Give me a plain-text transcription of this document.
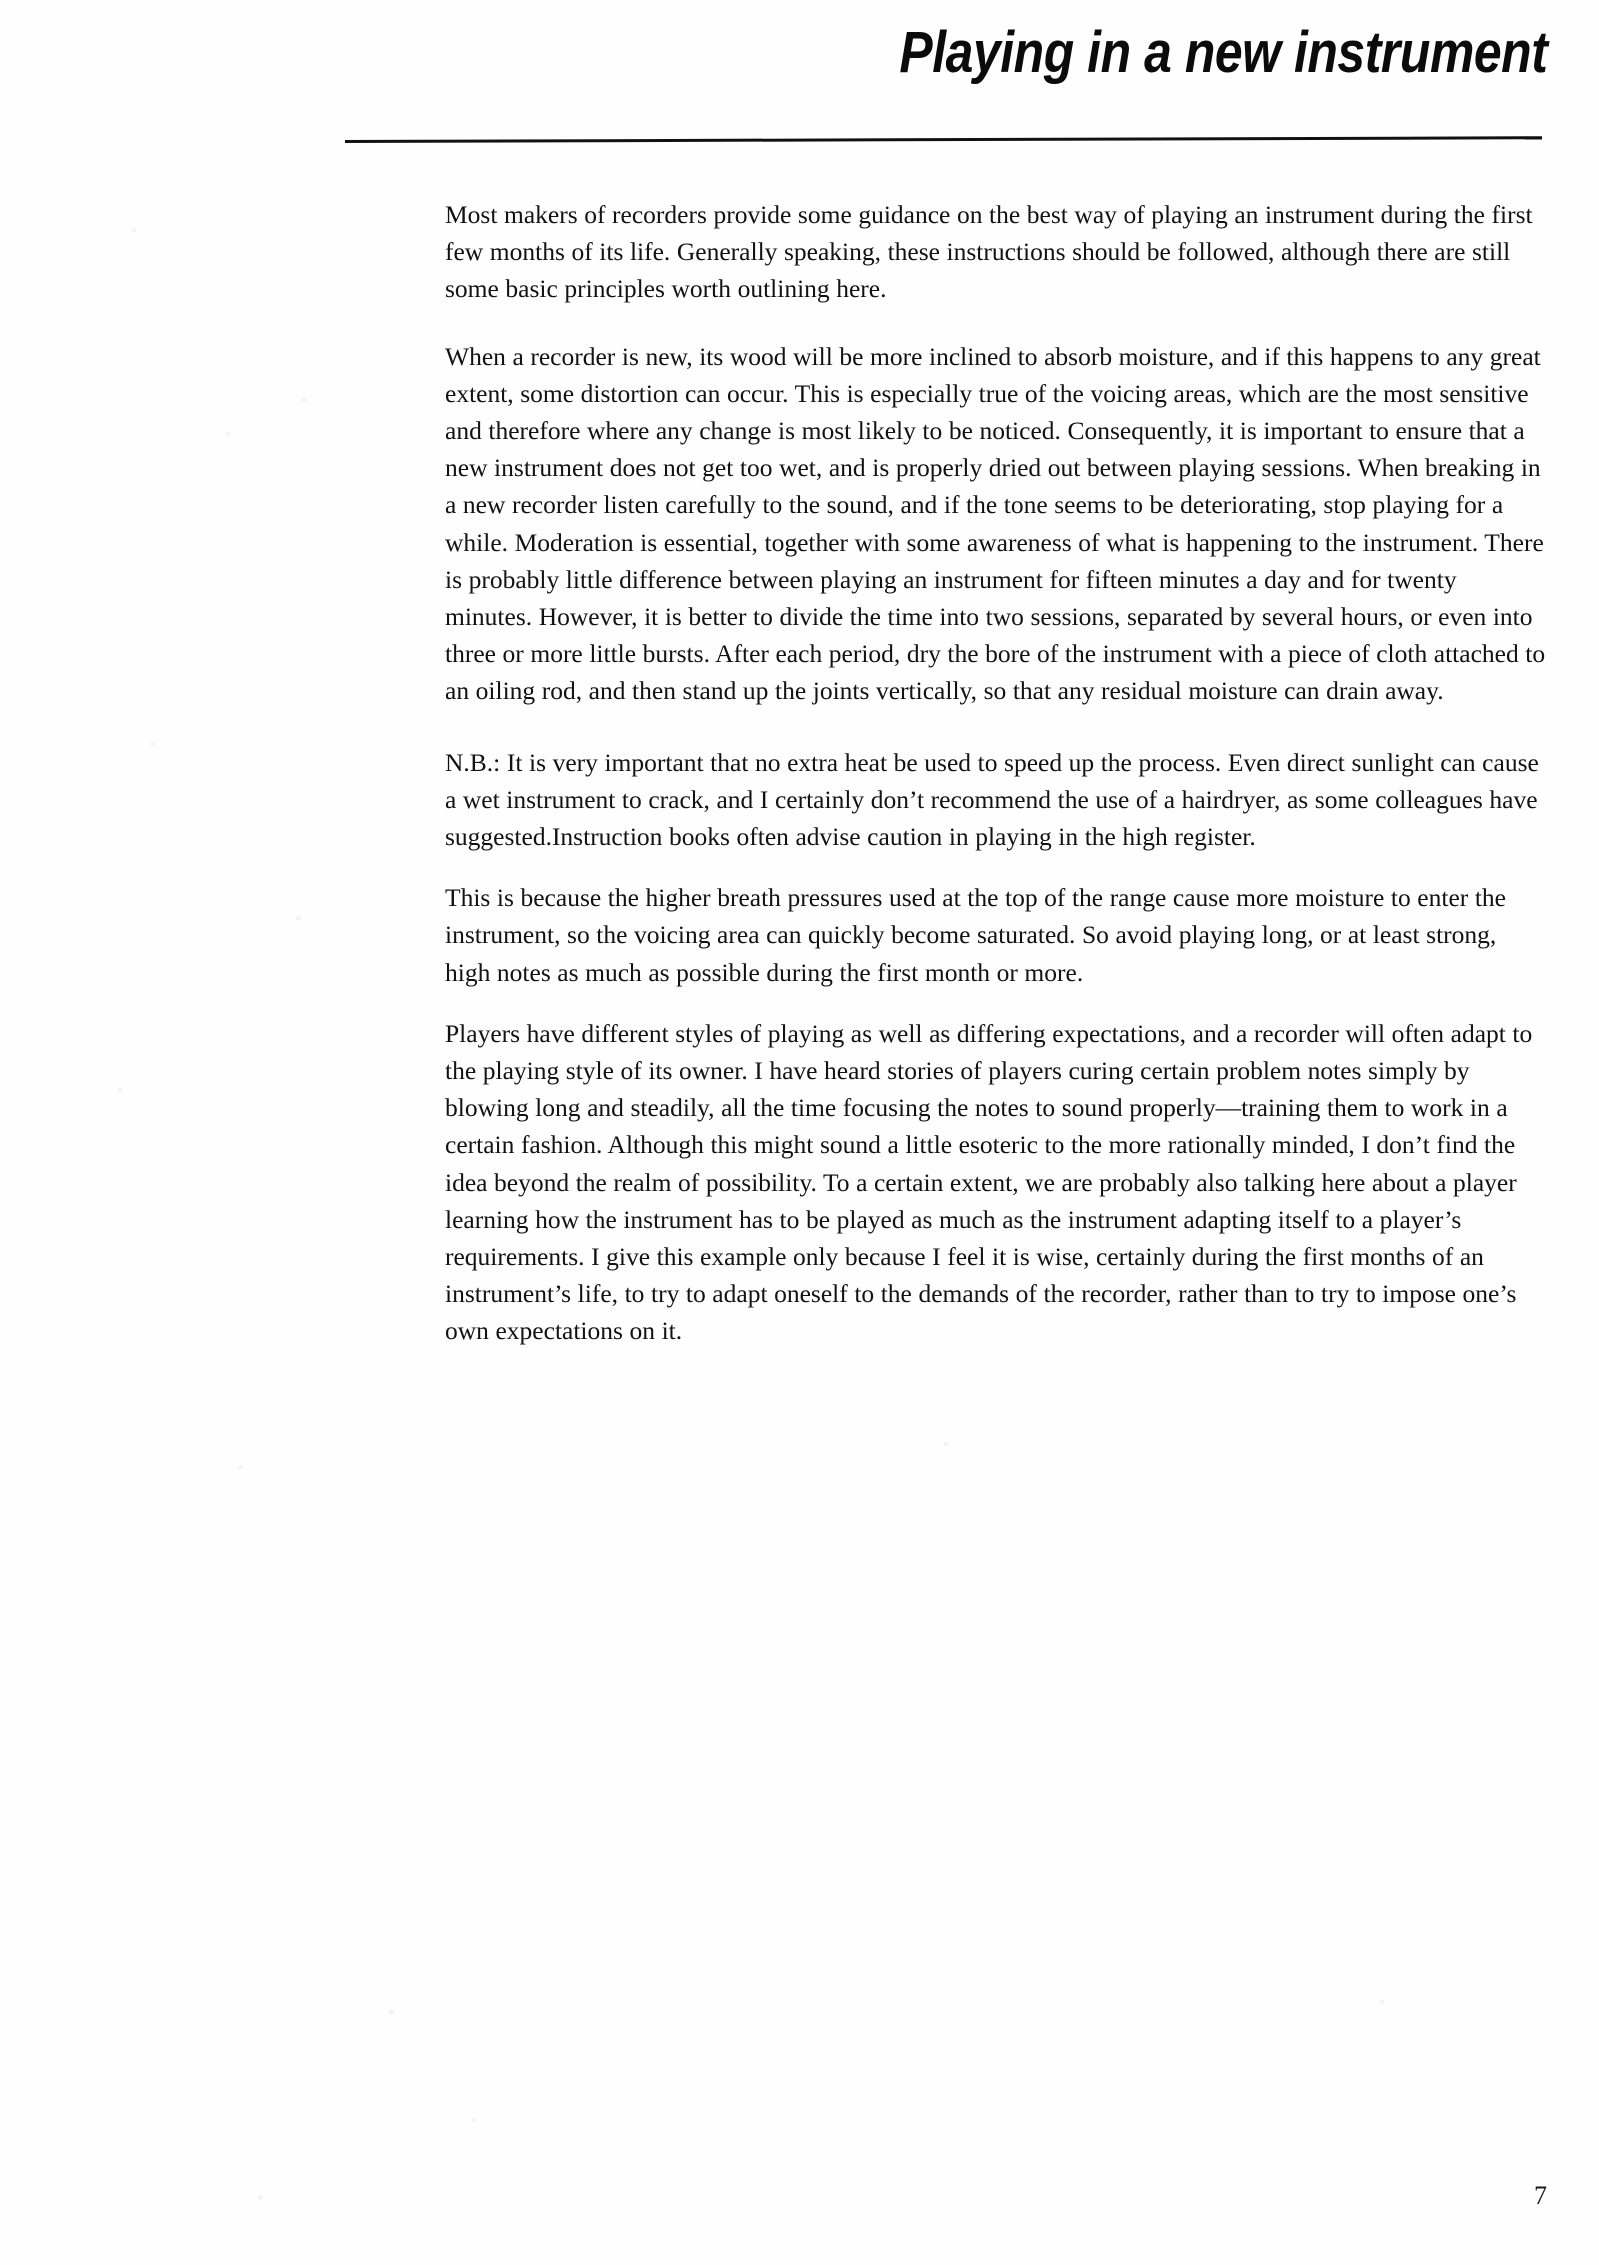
Playing in a new instrument

Most makers of recorders provide some guidance on the best way of playing an instrument during the first few months of its life. Generally speaking, these instructions should be followed, although there are still some basic principles worth outlining here.

When a recorder is new, its wood will be more inclined to absorb moisture, and if this happens to any great extent, some distortion can occur. This is especially true of the voicing areas, which are the most sensitive and therefore where any change is most likely to be noticed. Consequently, it is important to ensure that a new instrument does not get too wet, and is properly dried out between playing sessions. When breaking in a new recorder listen carefully to the sound, and if the tone seems to be deteriorating, stop playing for a while. Moderation is essential, together with some awareness of what is happening to the instrument. There is probably little difference between playing an instrument for fifteen minutes a day and for twenty minutes. However, it is better to divide the time into two sessions, separated by several hours, or even into three or more little bursts. After each period, dry the bore of the instrument with a piece of cloth attached to an oiling rod, and then stand up the joints vertically, so that any residual moisture can drain away.

N.B.: It is very important that no extra heat be used to speed up the process. Even direct sunlight can cause a wet instrument to crack, and I certainly don’t recommend the use of a hairdryer, as some colleagues have suggested.Instruction books often advise caution in playing in the high register.

This is because the higher breath pressures used at the top of the range cause more moisture to enter the instrument, so the voicing area can quickly become saturated. So avoid playing long, or at least strong, high notes as much as possible during the first month or more.

Players have different styles of playing as well as differing expectations, and a recorder will often adapt to the playing style of its owner. I have heard stories of players curing certain problem notes simply by blowing long and steadily, all the time focusing the notes to sound properly—training them to work in a certain fashion. Although this might sound a little esoteric to the more rationally minded, I don’t find the idea beyond the realm of possibility. To a certain extent, we are probably also talking here about a player learning how the instrument has to be played as much as the instrument adapting itself to a player’s requirements. I give this example only because I feel it is wise, certainly during the first months of an instrument’s life, to try to adapt oneself to the demands of the recorder, rather than to try to impose one’s own expectations on it.

7
